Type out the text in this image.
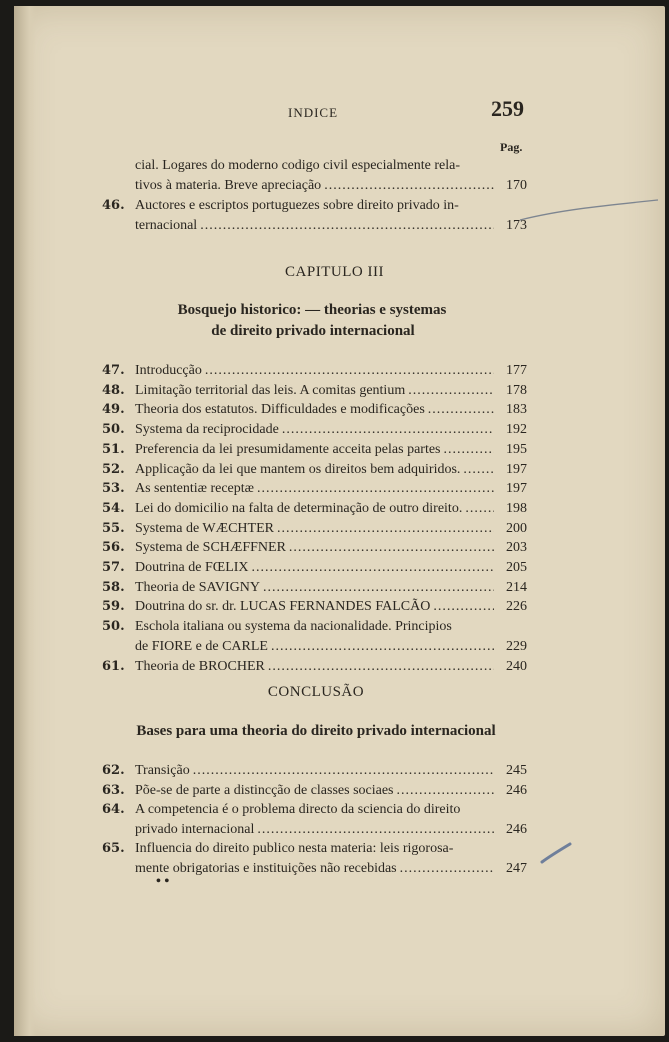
INDICE	259
Pag.
cial. Logares do moderno codigo civil especialmente rela-
tivos à materia. Breve apreciação .....	170
46. Auctores e escriptos portuguezes sobre direito privado in-
ternacional .....	173
CAPITULO III
Bosquejo historico: — theorias e systemas
de direito privado internacional
47. Introducção .....	177
48. Limitação territorial das leis. A comitas gentium .....	178
49. Theoria dos estatutos. Difficuldades e modificações .....	183
50. Systema da reciprocidade .....	192
51. Preferencia da lei presumidamente acceita pelas partes .....	195
52. Applicação da lei que mantem os direitos bem adquiridos. .....	197
53. As sententiæ receptæ .....	197
54. Lei do domicilio na falta de determinação de outro direito. .....	198
55. Systema de WÆCHTER .....	200
56. Systema de SCHÆFFNER .....	203
57. Doutrina de FŒLIX .....	205
58. Theoria de SAVIGNY .....	214
59. Doutrina do sr. dr. LUCAS FERNANDES FALCÃO .....	226
50. Eschola italiana ou systema da nacionalidade. Principios
de FIORE e de CARLE .....	229
61. Theoria de BROCHER .....	240
CONCLUSÃO
Bases para uma theoria do direito privado internacional
62. Transição .....	245
63. Põe-se de parte a distincção de classes sociaes .....	246
64. A competencia é o problema directo da sciencia do direito
privado internacional .....	246
65. Influencia do direito publico nesta materia: leis rigorosa-
mente obrigatorias e instituições não recebidas .....	247
• •
